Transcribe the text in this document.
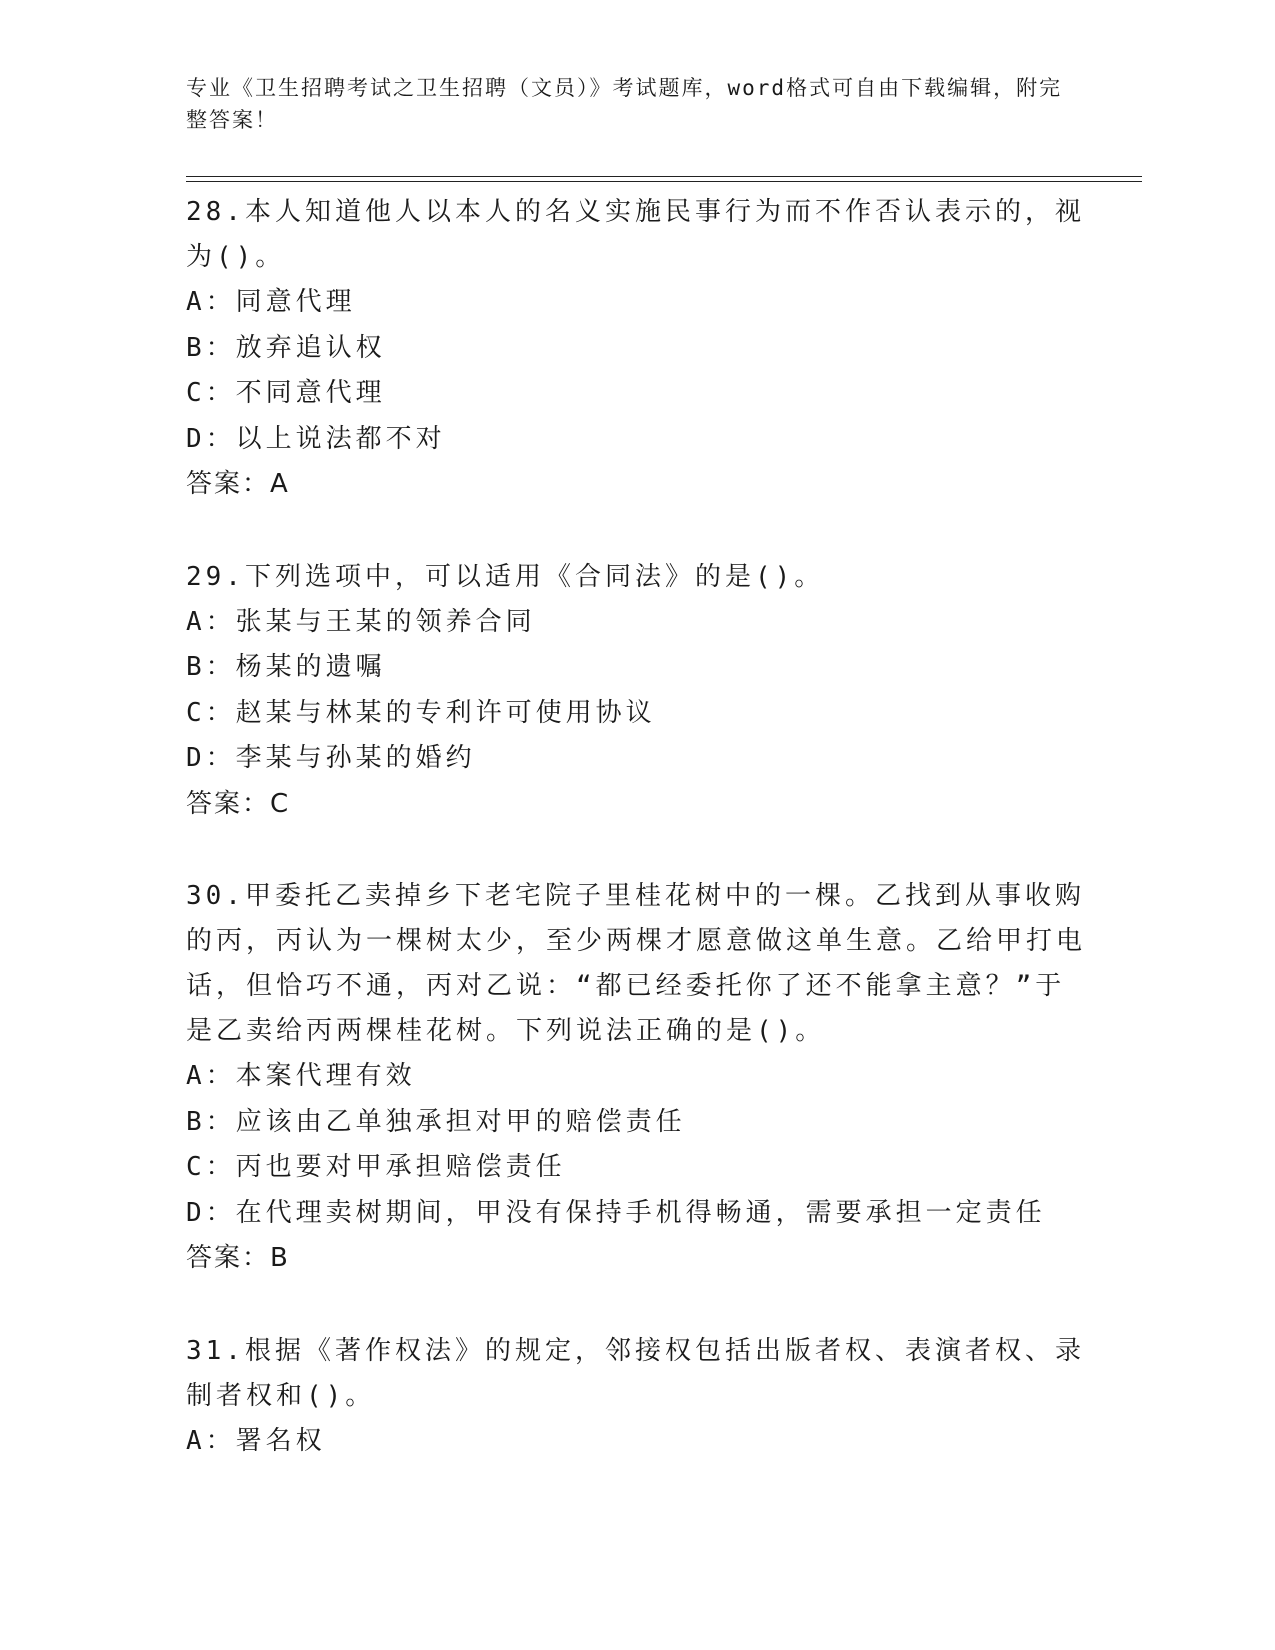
专业《卫生招聘考试之卫生招聘（文员）》考试题库，word格式可自由下载编辑，附完整答案！
28.本人知道他人以本人的名义实施民事行为而不作否认表示的，视为()。
A：同意代理
B：放弃追认权
C：不同意代理
D：以上说法都不对
答案：A
29.下列选项中，可以适用《合同法》的是()。
A：张某与王某的领养合同
B：杨某的遗嘱
C：赵某与林某的专利许可使用协议
D：李某与孙某的婚约
答案：C
30.甲委托乙卖掉乡下老宅院子里桂花树中的一棵。乙找到从事收购的丙，丙认为一棵树太少，至少两棵才愿意做这单生意。乙给甲打电话，但恰巧不通，丙对乙说：“都已经委托你了还不能拿主意？”于是乙卖给丙两棵桂花树。下列说法正确的是()。
A：本案代理有效
B：应该由乙单独承担对甲的赔偿责任
C：丙也要对甲承担赔偿责任
D：在代理卖树期间，甲没有保持手机得畅通，需要承担一定责任
答案：B
31.根据《著作权法》的规定，邻接权包括出版者权、表演者权、录制者权和()。
A：署名权
